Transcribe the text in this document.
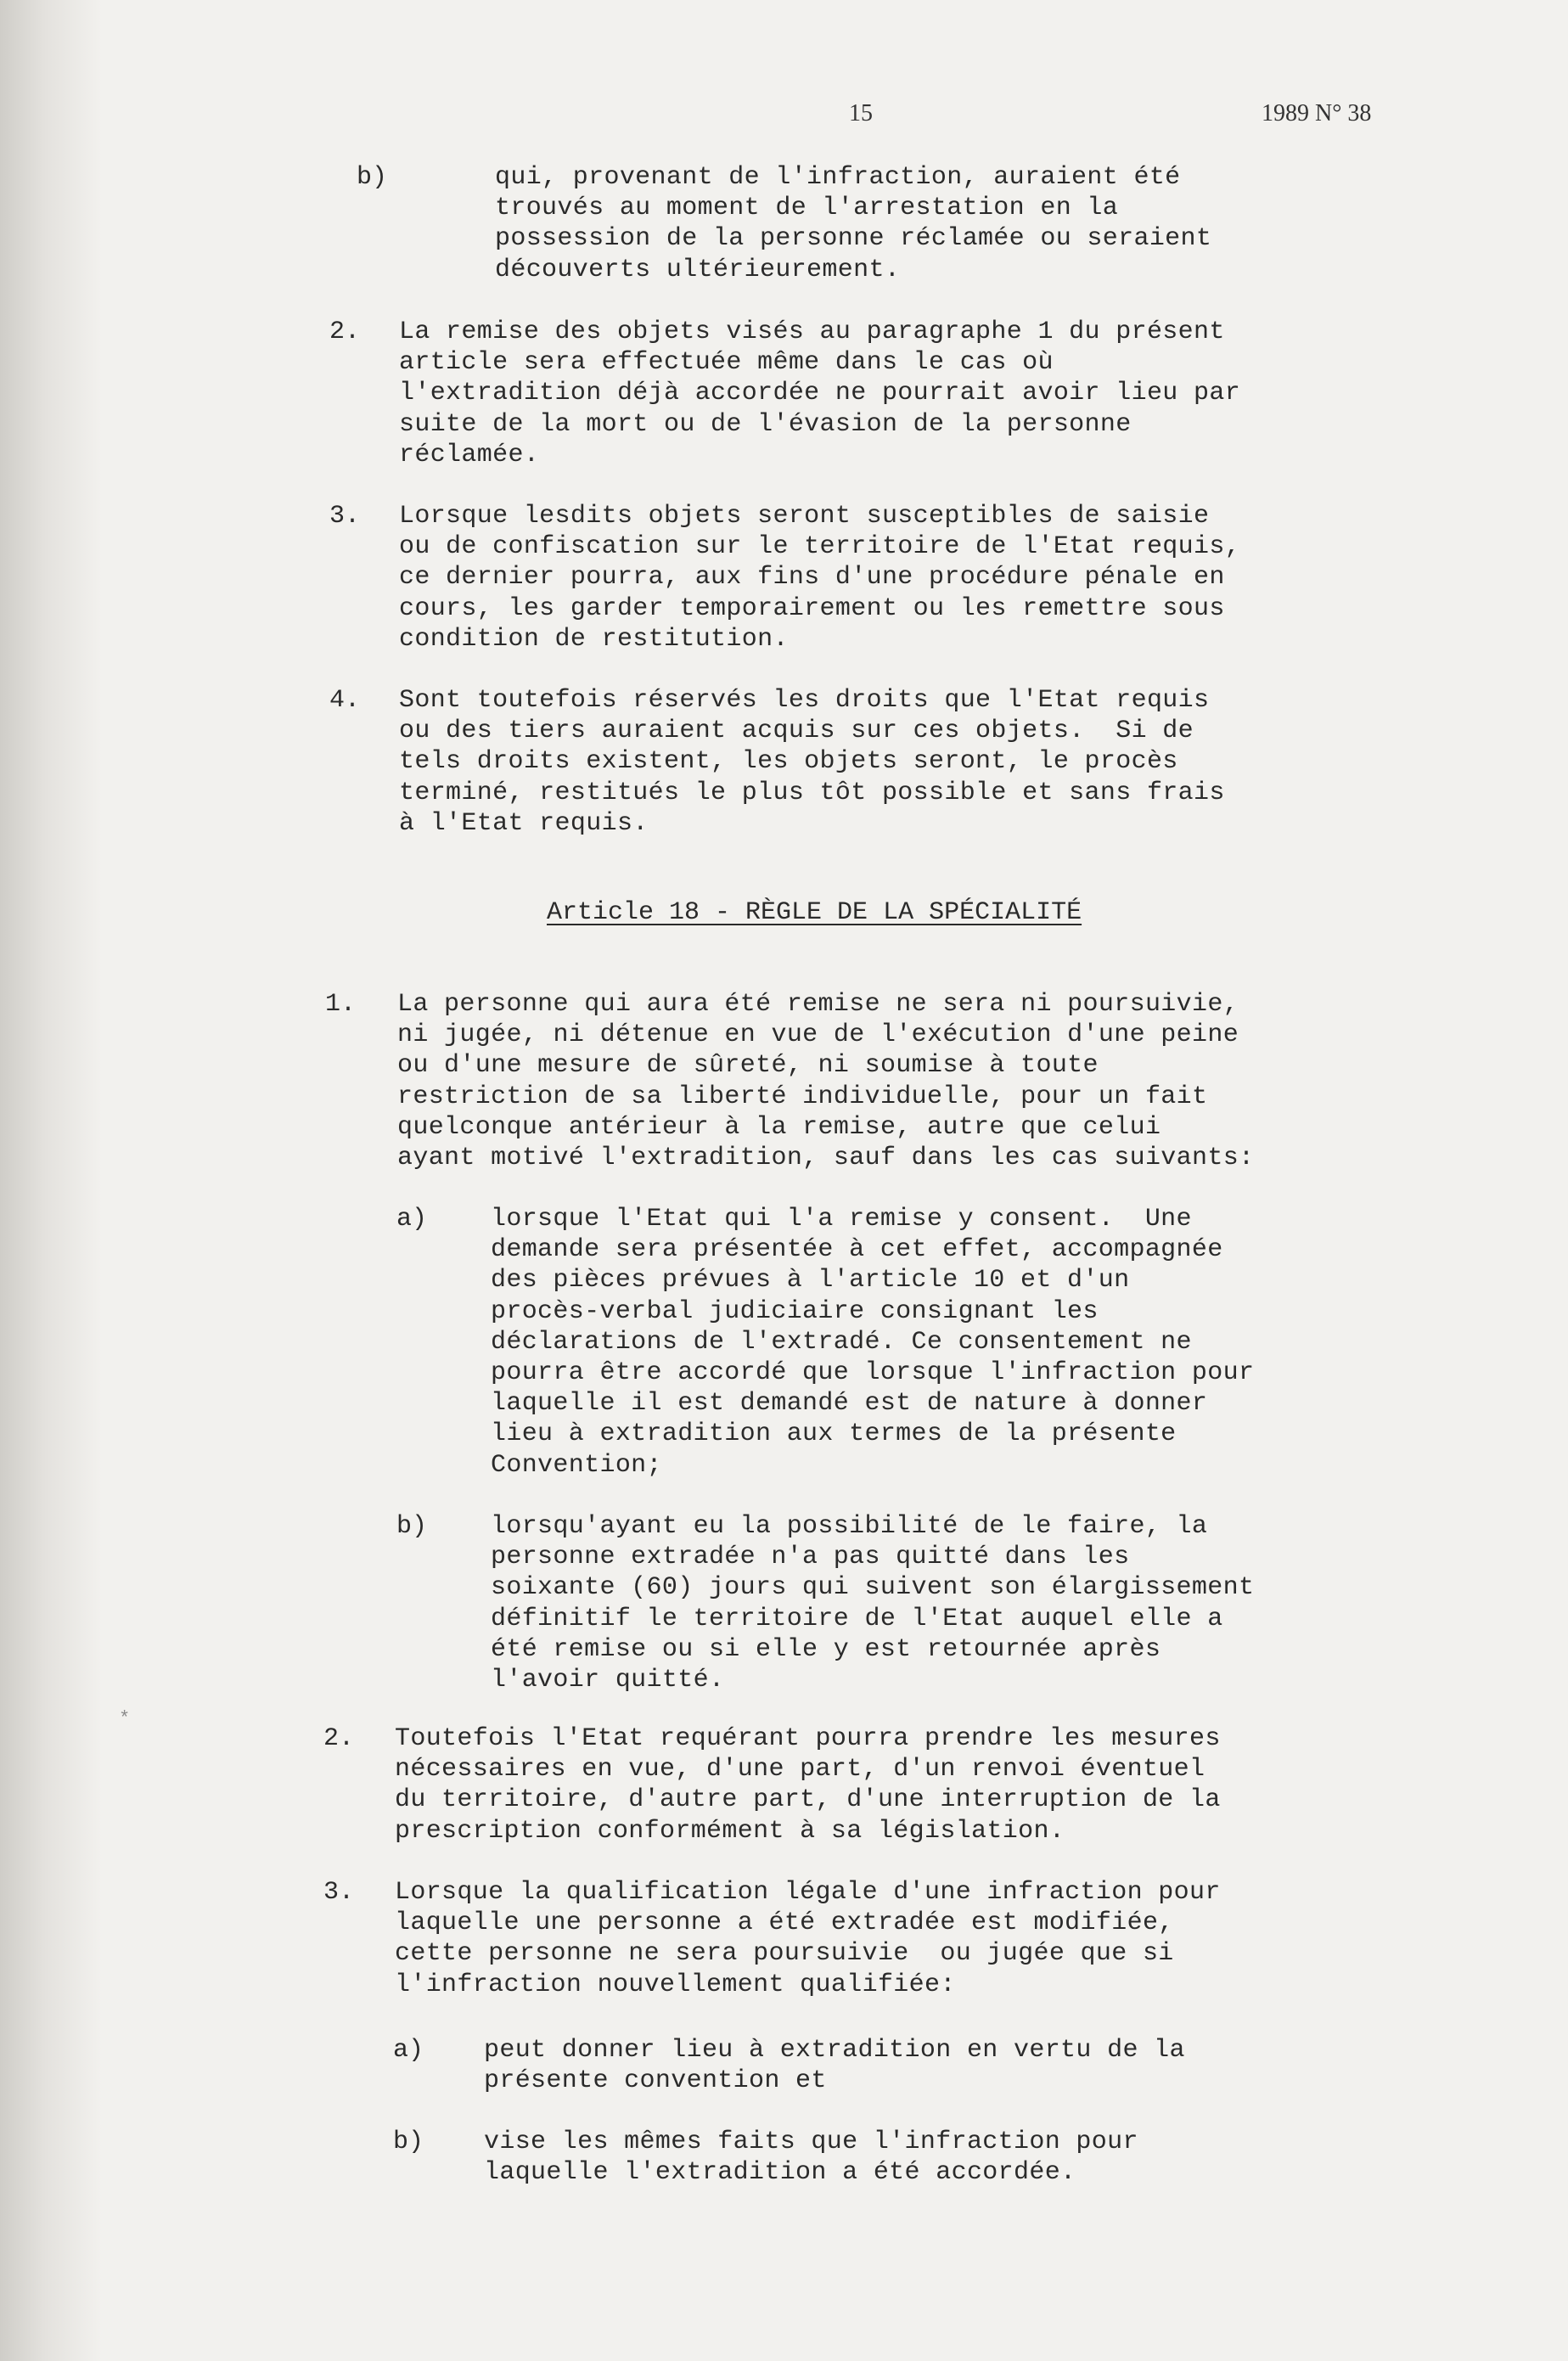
15	1989 N° 38
Article 18 - RÈGLE DE LA SPÉCIALITÉ
b)	qui, provenant de l'infraction, auraient été
trouvés au moment de l'arrestation en la
possession de la personne réclamée ou seraient
découverts ultérieurement.
2. La remise des objets visés au paragraphe 1 du présent
article sera effectuée même dans le cas où
l'extradition déjà accordée ne pourrait avoir lieu par
suite de la mort ou de l'évasion de la personne
réclamée.
3. Lorsque lesdits objets seront susceptibles de saisie
ou de confiscation sur le territoire de l'Etat requis,
ce dernier pourra, aux fins d'une procédure pénale en
cours, les garder temporairement ou les remettre sous
condition de restitution.
4. Sont toutefois réservés les droits que l'Etat requis
ou des tiers auraient acquis sur ces objets.  Si de
tels droits existent, les objets seront, le procès
terminé, restitués le plus tôt possible et sans frais
à l'Etat requis.
1. La personne qui aura été remise ne sera ni poursuivie,
ni jugée, ni détenue en vue de l'exécution d'une peine
ou d'une mesure de sûreté, ni soumise à toute
restriction de sa liberté individuelle, pour un fait
quelconque antérieur à la remise, autre que celui
ayant motivé l'extradition, sauf dans les cas suivants:
a) lorsque l'Etat qui l'a remise y consent.  Une
demande sera présentée à cet effet, accompagnée
des pièces prévues à l'article 10 et d'un
procès-verbal judiciaire consignant les
déclarations de l'extradé. Ce consentement ne
pourra être accordé que lorsque l'infraction pour
laquelle il est demandé est de nature à donner
lieu à extradition aux termes de la présente
Convention;
b) lorsqu'ayant eu la possibilité de le faire, la
personne extradée n'a pas quitté dans les
soixante (60) jours qui suivent son élargissement
définitif le territoire de l'Etat auquel elle a
été remise ou si elle y est retournée après
l'avoir quitté.
2. Toutefois l'Etat requérant pourra prendre les mesures
nécessaires en vue, d'une part, d'un renvoi éventuel
du territoire, d'autre part, d'une interruption de la
prescription conformément à sa législation.
3. Lorsque la qualification légale d'une infraction pour
laquelle une personne a été extradée est modifiée,
cette personne ne sera poursuivie  ou jugée que si
l'infraction nouvellement qualifiée:
a) peut donner lieu à extradition en vertu de la
présente convention et
b) vise les mêmes faits que l'infraction pour
laquelle l'extradition a été accordée.
*
